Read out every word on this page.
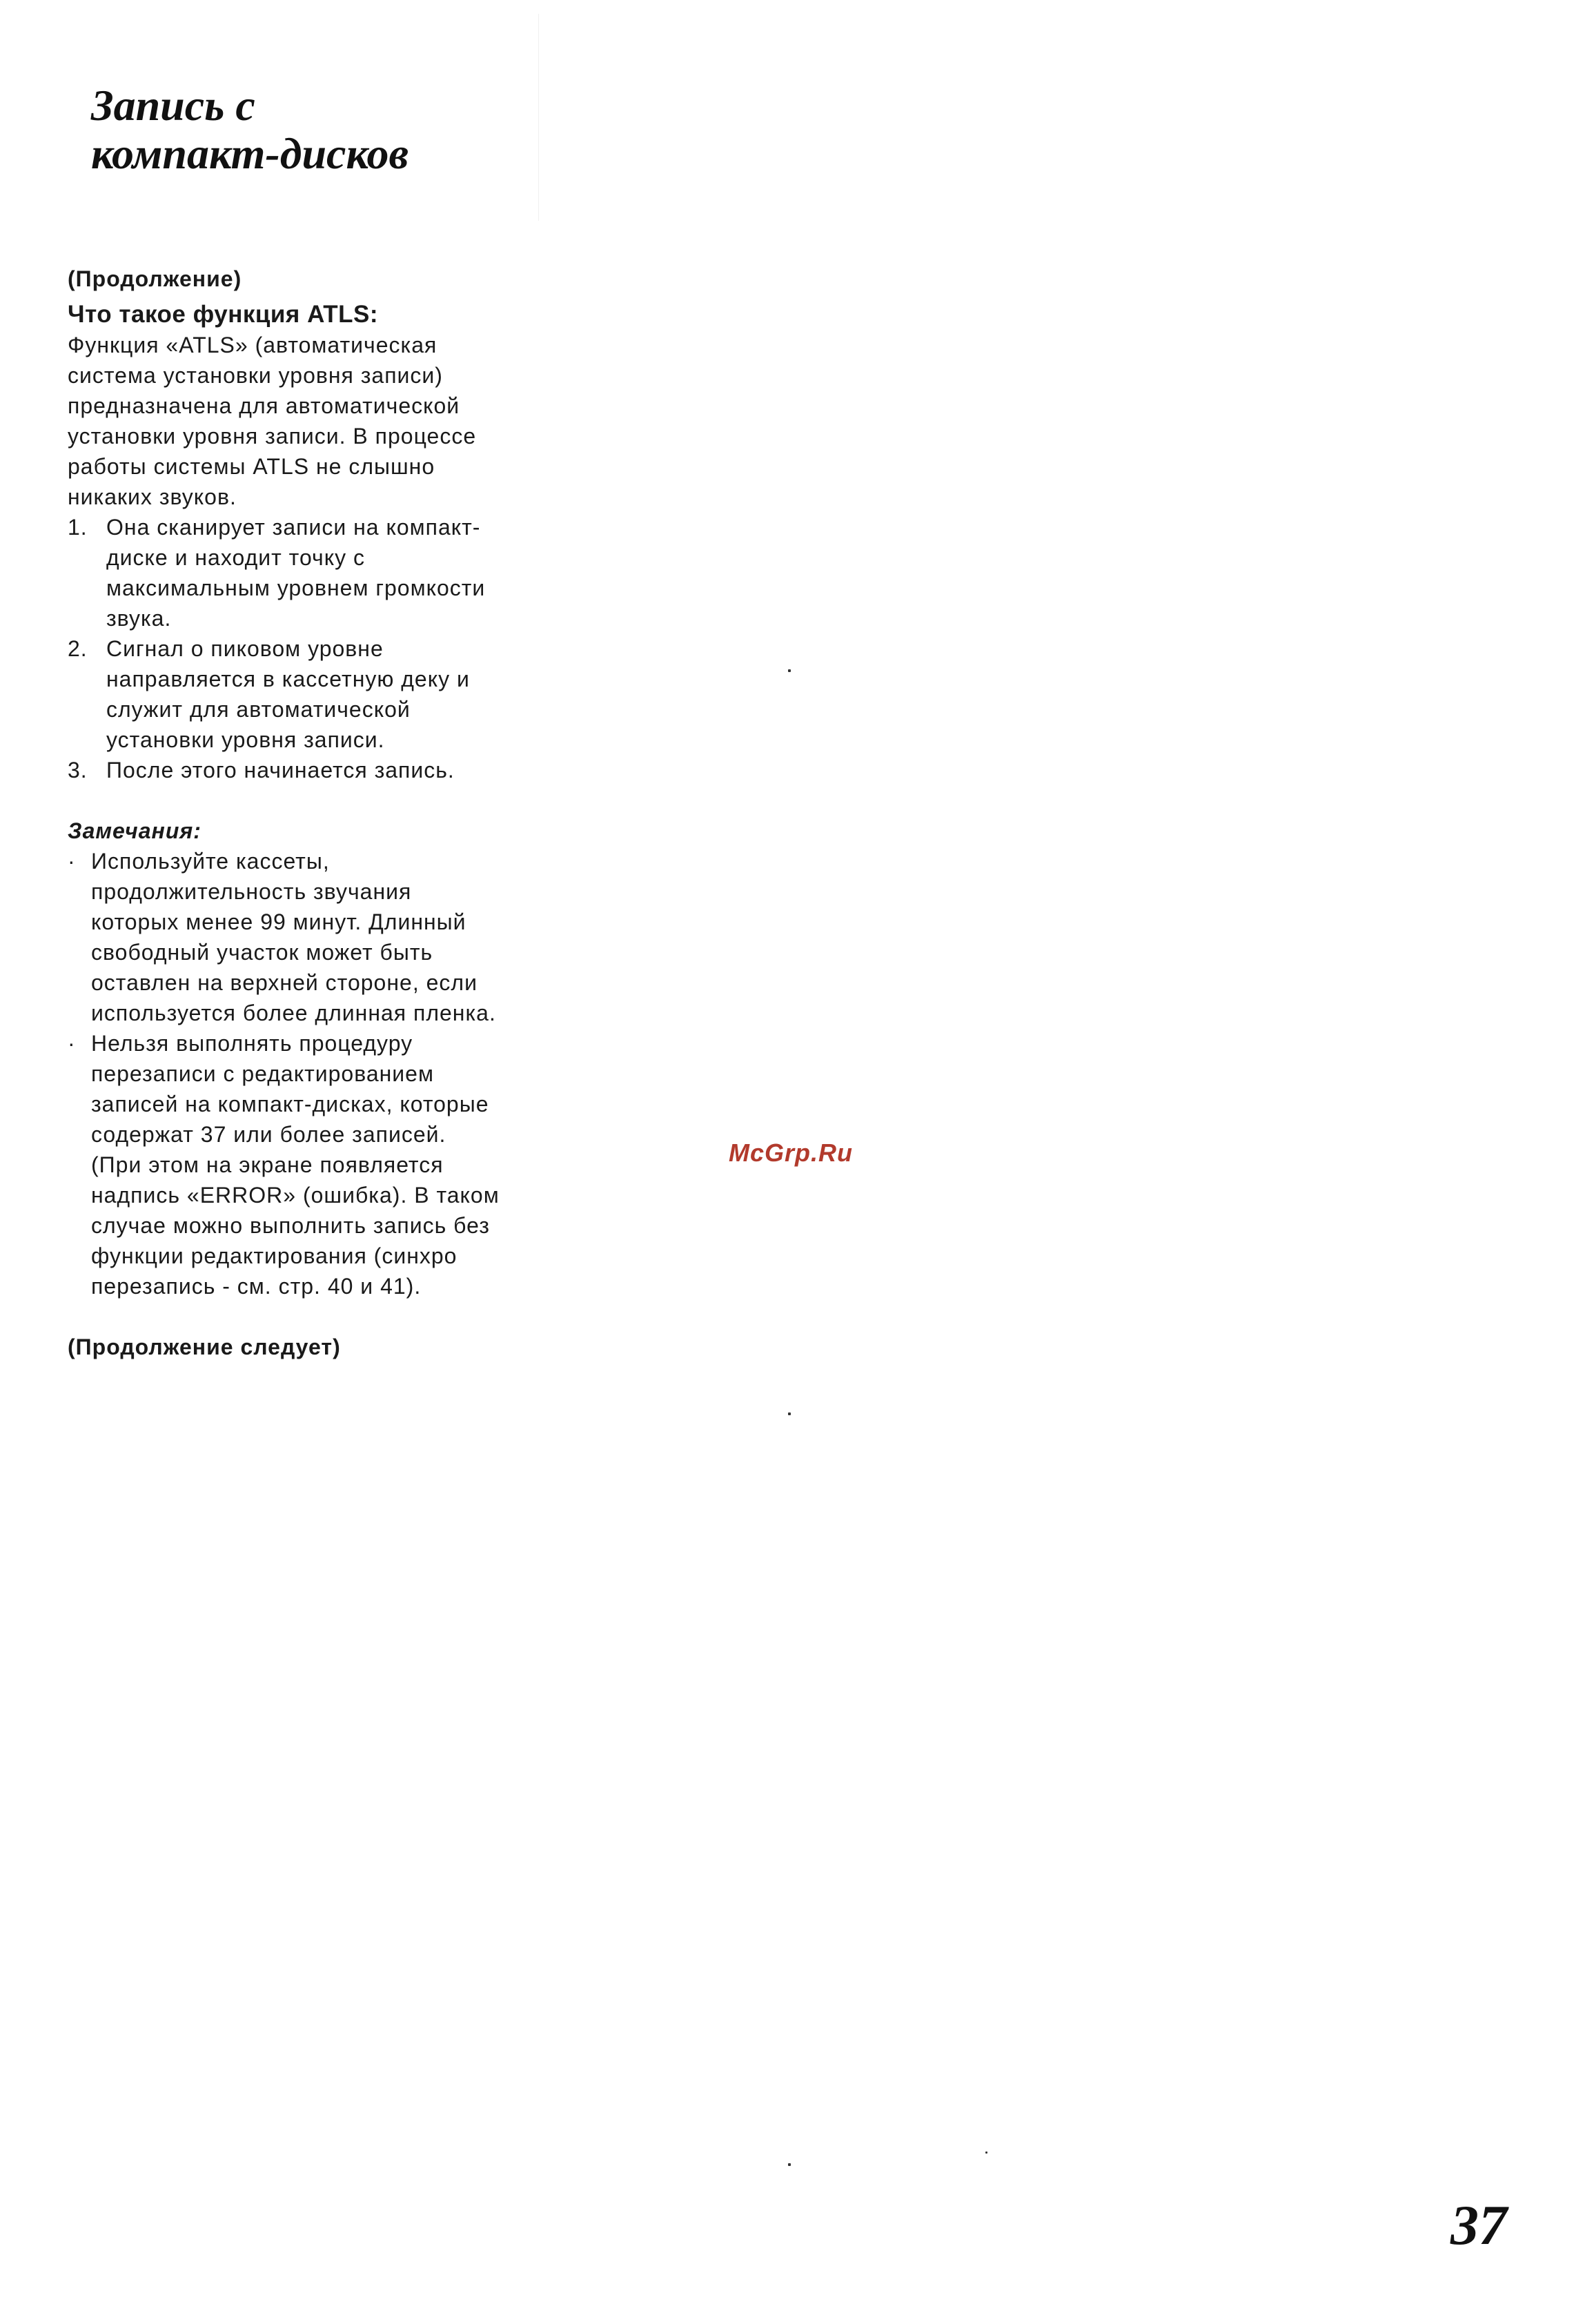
Запись с
компакт-дисков

(Продолжение)

Что такое функция ATLS:

Функция «ATLS» (автоматическая
система установки уровня записи)
предназначена для автоматической
установки уровня записи. В процессе
работы системы ATLS не слышно
никаких звуков.

1. Она сканирует записи на компакт-
диске и находит точку с
максимальным уровнем громкости
звука.
2. Сигнал о пиковом уровне
направляется в кассетную деку и
служит для автоматической
установки уровня записи.
3. После этого начинается запись.

Замечания:

· Используйте кассеты,
продолжительность звучания
которых менее 99 минут. Длинный
свободный участок может быть
оставлен на верхней стороне, если
используется более длинная пленка.
· Нельзя выполнять процедуру
перезаписи с редактированием
записей на компакт-дисках, которые
содержат 37 или более записей.
(При этом на экране появляется
надпись «ERROR» (ошибка). В таком
случае можно выполнить запись без
функции редактирования (синхро
перезапись - см. стр. 40 и 41).

(Продолжение следует)

McGrp.Ru
37
